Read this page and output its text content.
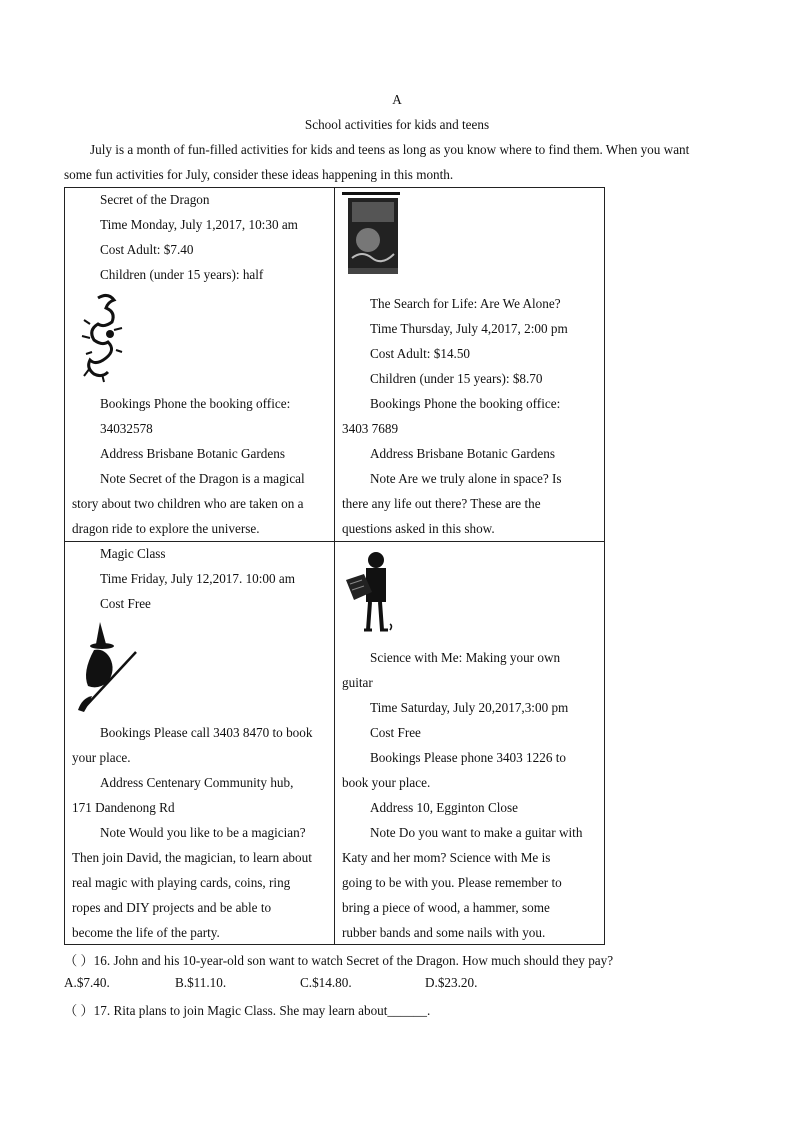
A
School activities for kids and teens
July is a month of fun-filled activities for kids and teens as long as you know where to find them. When you want
some fun activities for July, consider these ideas happening in this month.
Secret of the Dragon
Time Monday, July 1,2017, 10:30 am
Cost Adult: $7.40
Children (under 15 years): half
Bookings Phone the booking office:
34032578
Address Brisbane Botanic Gardens
Note Secret of the Dragon is a magical
story about two children who are taken on a
dragon ride to explore the universe.
The Search for Life: Are We Alone?
Time Thursday, July 4,2017, 2:00 pm
Cost Adult: $14.50
Children (under 15 years): $8.70
Bookings Phone the booking office:
3403 7689
Address Brisbane Botanic Gardens
Note Are we truly alone in space? Is
there any life out there? These are the
questions asked in this show.
Magic Class
Time Friday, July 12,2017. 10:00 am
Cost Free
Bookings Please call 3403 8470 to book
your place.
Address Centenary Community hub,
171 Dandenong Rd
Note Would you like to be a magician?
Then join David, the magician, to learn about
real magic with playing cards, coins, ring
ropes and DIY projects and be able to
become the life of the party.
Science with Me: Making your own
guitar
Time Saturday, July 20,2017,3:00 pm
Cost Free
Bookings Please phone 3403 1226 to
book your place.
Address 10, Egginton Close
Note Do you want to make a guitar with
Katy and her mom? Science with Me is
going to be with you. Please remember to
bring a piece of wood, a hammer, some
rubber bands and some nails with you.
（ ）16. John and his 10-year-old son want to watch Secret of the Dragon. How much should they pay?
A.$7.40.	B.$11.10.	C.$14.80.	D.$23.20.
（ ）17. Rita plans to join Magic Class. She may learn about______.
